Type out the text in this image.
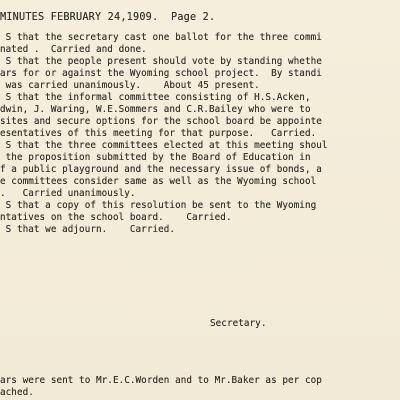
MINUTES FEBRUARY 24,1909.  Page 2.
S that the secretary cast one ballot for the three commi
nated .  Carried and done.
S that the people present should vote by standing whethe
ars for or against the Wyoming school project.  By standi
was carried unanimously.    About 45 present.
S that the informal committee consisting of H.S.Acken,
dwin, J. Waring, W.E.Sommers and C.R.Bailey who were to
sites and secure options for the school board be appointe
esentatives of this meeting for that purpose.   Carried.
S that the three committees elected at this meeting shoul
the proposition submitted by the Board of Education in
f a public playground and the necessary issue of bonds, a
e committees consider same as well as the Wyoming school
.   Carried unanimously.
S that a copy of this resolution be sent to the Wyoming
ntatives on the school board.    Carried.
S that we adjourn.    Carried.
Secretary.
ars were sent to Mr.E.C.Worden and to Mr.Baker as per cop
ached.
